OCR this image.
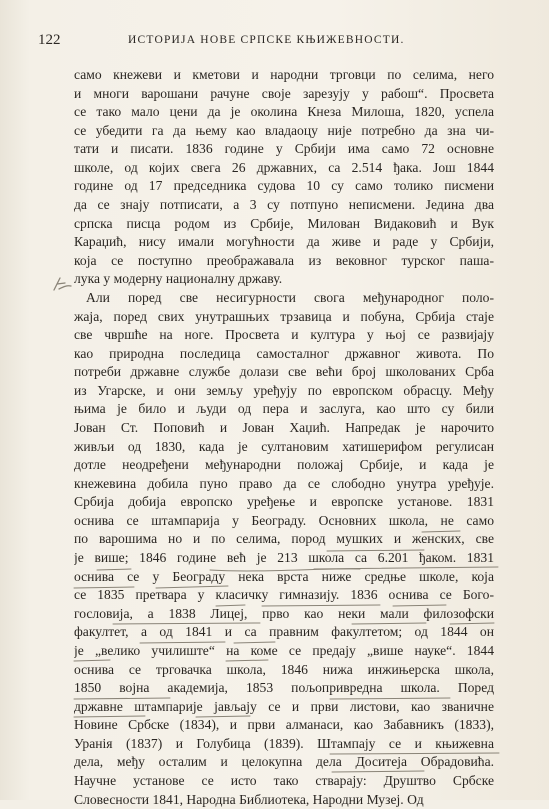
122	ИСТОРИЈА НОВЕ СРПСКЕ КЊИЖЕВНОСТИ.
само кнежеви и кметови и народни трговци по селима, него
и многи варошани рачуне своје зарезују у рабош“. Просвета
се тако мало цени да је околина Кнеза Милоша, 1820, успела
се убедити га да њему као владаоцу није потребно да зна чи-
тати и писати. 1836 године у Србији има само 72 основне
школе, од којих свега 26 државних, са 2.514 ђака. Још 1844
године од 17 председника судова 10 су само толико писмени
да се знају потписати, а 3 су потпуно неписмени. Једина два
српска писца родом из Србије, Милован Видаковић и Вук
Караџић, нису имали могућности да живе и раде у Србији,
која се поступно преображавала из вековног турског паша-
лука у модерну националну државу.
Али поред све несигурности свога међународног поло-
жаја, поред свих унутрашњих трзавица и побуна, Србија стаје
све чвршће на ноге. Просвета и култура у њој се развијају
као природна последица самосталног државног живота. По
потреби државне службе долази све већи број школованих Срба
из Угарске, и они земљу уређују по европском обрасцу. Међу
њима је било и људи од пера и заслуга, као што су били
Јован Ст. Поповић и Јован Хаџић. Напредак је нарочито
живљи од 1830, када је султановим хатишерифом регулисан
дотле неодређени међународни положај Србије, и када је
кнежевина добила пуно право да се слободно унутра уређује.
Србија добија европско уређење и европске установе. 1831
оснива се штампарија у Београду. Основних школа, не само
по варошима но и по селима, пород мушких и женских, све
је више; 1846 године већ је 213 школа са 6.201 ђаком. 1831
оснива се у Београду нека врста ниже средње школе, која
се 1835 претвара у класичку гимназију. 1836 оснива се Бого-
гословија, а 1838 Лицеј, прво као неки мали филозофски
факултет, а од 1841 и са правним факултетом; од 1844 он
је „велико училиште“ на коме се предају „више науке“. 1844
оснива се трговачка школа, 1846 нижа инжињерска школа,
1850 војна академија, 1853 пољопривредна школа. Поред
државне штампарије јављају се и први листови, као званичне
Новине Србске (1834), и први алманаси, као Забавникъ (1833),
Уранія (1837) и Голубица (1839). Штампају се и књижевна
дела, међу осталим и целокупна дела Доситеја Обрадовића.
Научне установе се исто тако стварају: Друштво Србске
Словесности 1841, Народна Библиотека, Народни Музеј. Од
